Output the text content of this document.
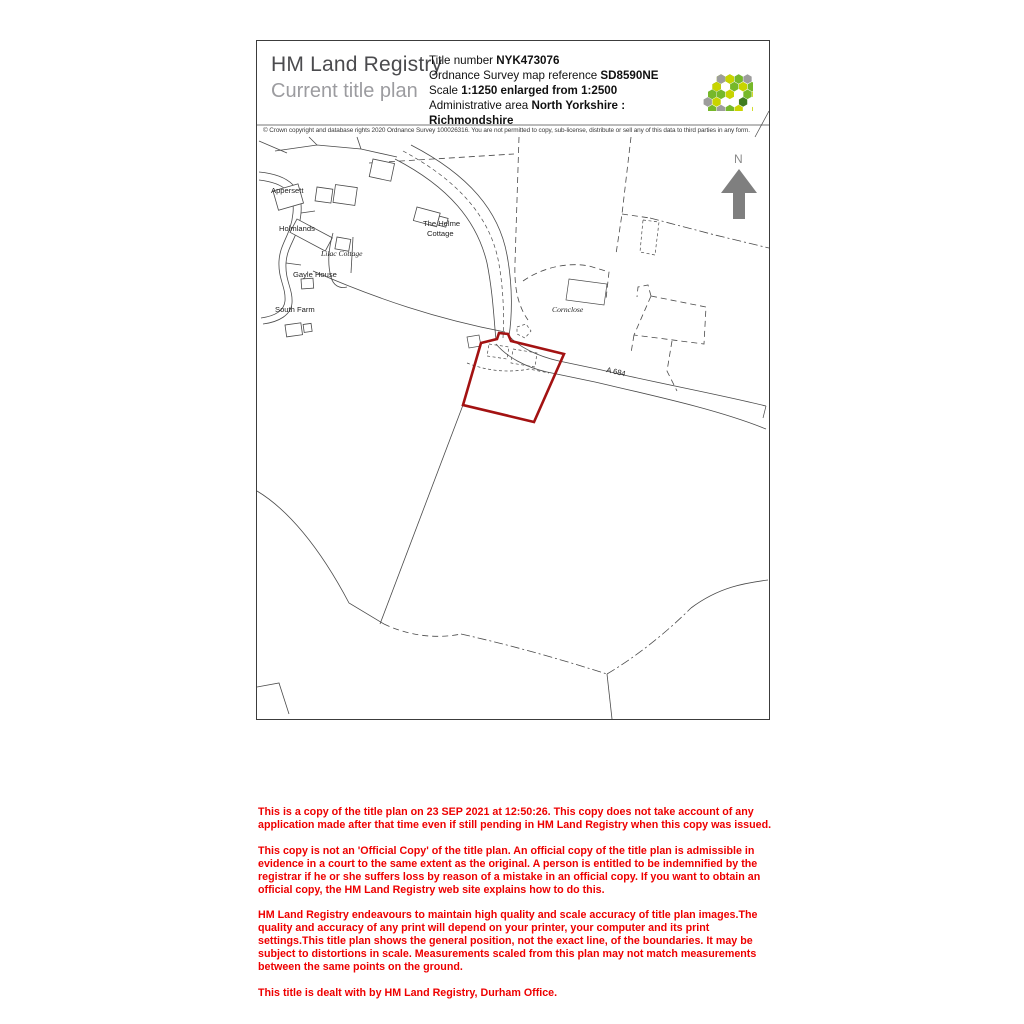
Appersett
Holmlands
Lilac Cottage
Gayle House
South Farm
The Helme
Cottage
Cornclose
A 684
N
HM Land Registry
Current title plan
Title number NYK473076
Ordnance Survey map reference SD8590NE
Scale 1:1250 enlarged from 1:2500
Administrative area North Yorkshire : Richmondshire
© Crown copyright and database rights 2020 Ordnance Survey 100026316. You are not permitted to copy, sub-license, distribute or sell any of this data to third parties in any form.

This is a copy of the title plan on 23 SEP 2021 at 12:50:26. This copy does not take account of any application made after that time even if still pending in HM Land Registry when this copy was issued.

This copy is not an 'Official Copy' of the title plan. An official copy of the title plan is admissible in evidence in a court to the same extent as the original. A person is entitled to be indemnified by the registrar if he or she suffers loss by reason of a mistake in an official copy. If you want to obtain an official copy, the HM Land Registry web site explains how to do this.

HM Land Registry endeavours to maintain high quality and scale accuracy of title plan images.The quality and accuracy of any print will depend on your printer, your computer and its print settings.This title plan shows the general position, not the exact line, of the boundaries. It may be subject to distortions in scale. Measurements scaled from this plan may not match measurements between the same points on the ground.

This title is dealt with by HM Land Registry, Durham Office.
